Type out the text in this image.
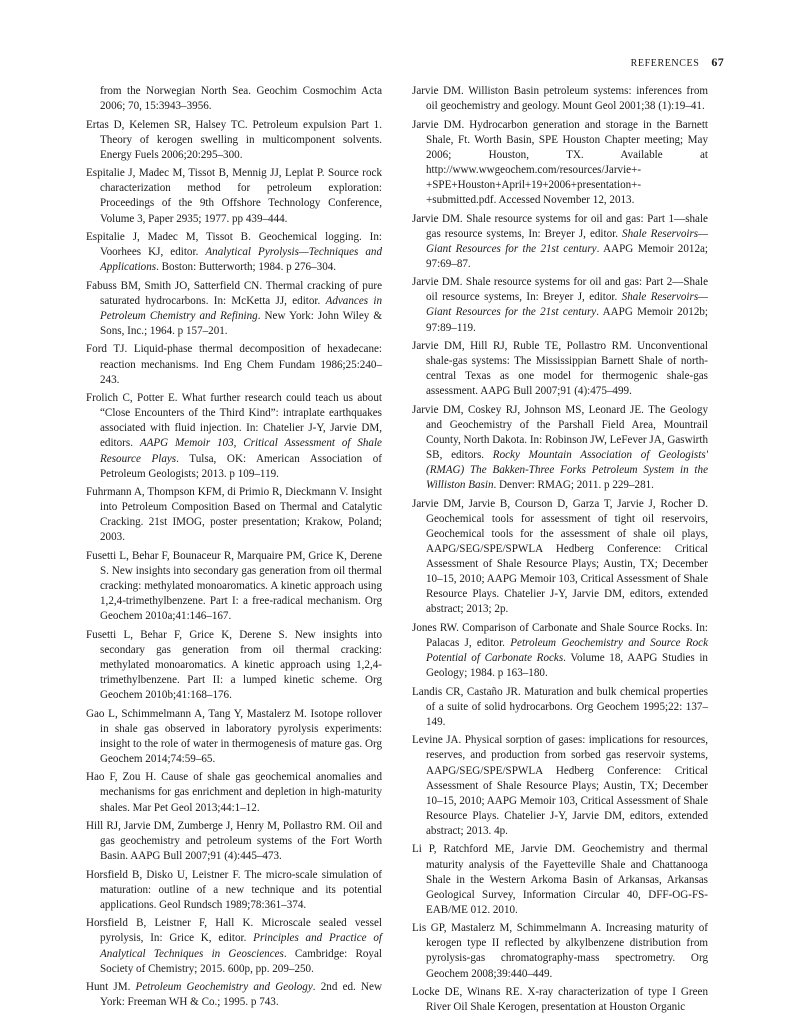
REFERENCES 67

from the Norwegian North Sea. Geochim Cosmochim Acta 2006; 70, 15:3943–3956.

Ertas D, Kelemen SR, Halsey TC. Petroleum expulsion Part 1. Theory of kerogen swelling in multicomponent solvents. Energy Fuels 2006;20:295–300.

Espitalie J, Madec M, Tissot B, Mennig JJ, Leplat P. Source rock characterization method for petroleum exploration: Proceedings of the 9th Offshore Technology Conference, Volume 3, Paper 2935; 1977. pp 439–444.

Espitalie J, Madec M, Tissot B. Geochemical logging. In: Voorhees KJ, editor. Analytical Pyrolysis—Techniques and Applications. Boston: Butterworth; 1984. p 276–304.

Fabuss BM, Smith JO, Satterfield CN. Thermal cracking of pure saturated hydrocarbons. In: McKetta JJ, editor. Advances in Petroleum Chemistry and Refining. New York: John Wiley & Sons, Inc.; 1964. p 157–201.

Ford TJ. Liquid-phase thermal decomposition of hexadecane: reaction mechanisms. Ind Eng Chem Fundam 1986;25:240–243.

Frolich C, Potter E. What further research could teach us about “Close Encounters of the Third Kind”: intraplate earthquakes associated with fluid injection. In: Chatelier J-Y, Jarvie DM, editors. AAPG Memoir 103, Critical Assessment of Shale Resource Plays. Tulsa, OK: American Association of Petroleum Geologists; 2013. p 109–119.

Fuhrmann A, Thompson KFM, di Primio R, Dieckmann V. Insight into Petroleum Composition Based on Thermal and Catalytic Cracking. 21st IMOG, poster presentation; Krakow, Poland; 2003.

Fusetti L, Behar F, Bounaceur R, Marquaire PM, Grice K, Derene S. New insights into secondary gas generation from oil thermal cracking: methylated monoaromatics. A kinetic approach using 1,2,4-trimethylbenzene. Part I: a free-radical mechanism. Org Geochem 2010a;41:146–167.

Fusetti L, Behar F, Grice K, Derene S. New insights into secondary gas generation from oil thermal cracking: methylated monoaromatics. A kinetic approach using 1,2,4-trimethylbenzene. Part II: a lumped kinetic scheme. Org Geochem 2010b;41:168–176.

Gao L, Schimmelmann A, Tang Y, Mastalerz M. Isotope rollover in shale gas observed in laboratory pyrolysis experiments: insight to the role of water in thermogenesis of mature gas. Org Geochem 2014;74:59–65.

Hao F, Zou H. Cause of shale gas geochemical anomalies and mechanisms for gas enrichment and depletion in high-maturity shales. Mar Pet Geol 2013;44:1–12.

Hill RJ, Jarvie DM, Zumberge J, Henry M, Pollastro RM. Oil and gas geochemistry and petroleum systems of the Fort Worth Basin. AAPG Bull 2007;91 (4):445–473.

Horsfield B, Disko U, Leistner F. The micro-scale simulation of maturation: outline of a new technique and its potential applications. Geol Rundsch 1989;78:361–374.

Horsfield B, Leistner F, Hall K. Microscale sealed vessel pyrolysis, In: Grice K, editor. Principles and Practice of Analytical Techniques in Geosciences. Cambridge: Royal Society of Chemistry; 2015. 600p, pp. 209–250.

Hunt JM. Petroleum Geochemistry and Geology. 2nd ed. New York: Freeman WH & Co.; 1995. p 743.

Jarvie DM. Williston Basin petroleum systems: inferences from oil geochemistry and geology. Mount Geol 2001;38 (1):19–41.

Jarvie DM. Hydrocarbon generation and storage in the Barnett Shale, Ft. Worth Basin, SPE Houston Chapter meeting; May 2006; Houston, TX. Available at http://www.wwgeochem.com/resources/Jarvie+-+SPE+Houston+April+19+2006+presentation+-+submitted.pdf. Accessed November 12, 2013.

Jarvie DM. Shale resource systems for oil and gas: Part 1—shale gas resource systems, In: Breyer J, editor. Shale Reservoirs—Giant Resources for the 21st century. AAPG Memoir 2012a; 97:69–87.

Jarvie DM. Shale resource systems for oil and gas: Part 2—Shale oil resource systems, In: Breyer J, editor. Shale Reservoirs—Giant Resources for the 21st century. AAPG Memoir 2012b; 97:89–119.

Jarvie DM, Hill RJ, Ruble TE, Pollastro RM. Unconventional shale-gas systems: The Mississippian Barnett Shale of north-central Texas as one model for thermogenic shale-gas assessment. AAPG Bull 2007;91 (4):475–499.

Jarvie DM, Coskey RJ, Johnson MS, Leonard JE. The Geology and Geochemistry of the Parshall Field Area, Mountrail County, North Dakota. In: Robinson JW, LeFever JA, Gaswirth SB, editors. Rocky Mountain Association of Geologists' (RMAG) The Bakken-Three Forks Petroleum System in the Williston Basin. Denver: RMAG; 2011. p 229–281.

Jarvie DM, Jarvie B, Courson D, Garza T, Jarvie J, Rocher D. Geochemical tools for assessment of tight oil reservoirs, Geochemical tools for the assessment of shale oil plays, AAPG/SEG/SPE/SPWLA Hedberg Conference: Critical Assessment of Shale Resource Plays; Austin, TX; December 10–15, 2010; AAPG Memoir 103, Critical Assessment of Shale Resource Plays. Chatelier J-Y, Jarvie DM, editors, extended abstract; 2013; 2p.

Jones RW. Comparison of Carbonate and Shale Source Rocks. In: Palacas J, editor. Petroleum Geochemistry and Source Rock Potential of Carbonate Rocks. Volume 18, AAPG Studies in Geology; 1984. p 163–180.

Landis CR, Castaño JR. Maturation and bulk chemical properties of a suite of solid hydrocarbons. Org Geochem 1995;22: 137–149.

Levine JA. Physical sorption of gases: implications for resources, reserves, and production from sorbed gas reservoir systems, AAPG/SEG/SPE/SPWLA Hedberg Conference: Critical Assessment of Shale Resource Plays; Austin, TX; December 10–15, 2010; AAPG Memoir 103, Critical Assessment of Shale Resource Plays. Chatelier J-Y, Jarvie DM, editors, extended abstract; 2013. 4p.

Li P, Ratchford ME, Jarvie DM. Geochemistry and thermal maturity analysis of the Fayetteville Shale and Chattanooga Shale in the Western Arkoma Basin of Arkansas, Arkansas Geological Survey, Information Circular 40, DFF-OG-FS-EAB/ME 012. 2010.

Lis GP, Mastalerz M, Schimmelmann A. Increasing maturity of kerogen type II reflected by alkylbenzene distribution from pyrolysis-gas chromatography-mass spectrometry. Org Geochem 2008;39:440–449.

Locke DE, Winans RE. X-ray characterization of type I Green River Oil Shale Kerogen, presentation at Houston Organic
